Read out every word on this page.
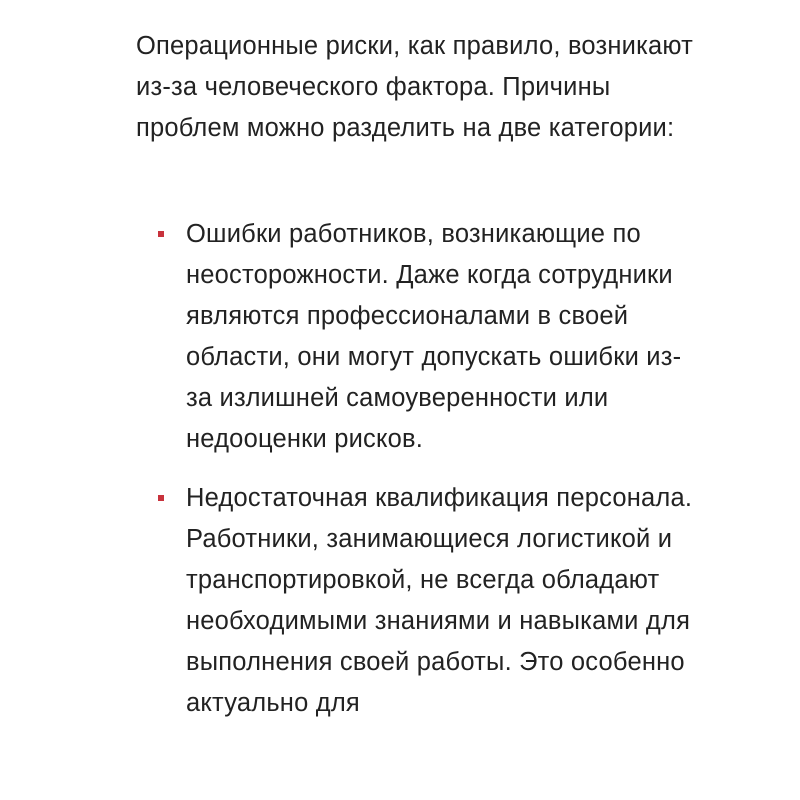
Операционные риски, как правило, возникают из-за человеческого фактора. Причины проблем можно разделить на две категории:

Ошибки работников, возникающие по неосторожности. Даже когда сотрудники являются профессионалами в своей области, они могут допускать ошибки из-за излишней самоуверенности или недооценки рисков.
Недостаточная квалификация персонала. Работники, занимающиеся логистикой и транспортировкой, не всегда обладают необходимыми знаниями и навыками для выполнения своей работы. Это особенно актуально для
